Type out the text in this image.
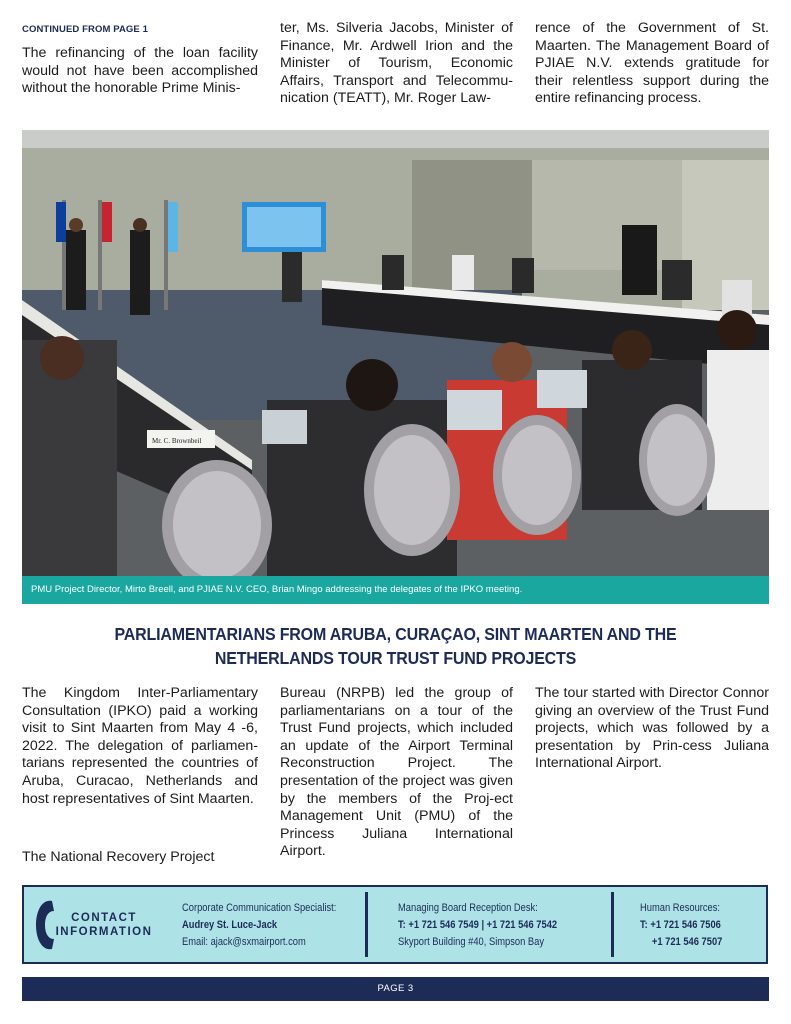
CONTINUED FROM PAGE 1

The refinancing of the loan facility would not have been accomplished without the honorable Prime Minis-

ter, Ms. Silveria Jacobs, Minister of Finance, Mr. Ardwell Irion and the Minister of Tourism, Economic Affairs, Transport and Telecommu-nication (TEATT), Mr. Roger Law-

rence of the Government of St. Maarten. The Management Board of PJIAE N.V. extends gratitude for their relentless support during the entire refinancing process.

Mr. C. Brownbeil
PMU Project Director, Mirto Breell, and PJIAE N.V. CEO, Brian Mingo addressing the delegates of the IPKO meeting.
PARLIAMENTARIANS FROM ARUBA, CURAÇAO, SINT MAARTEN AND THE
NETHERLANDS TOUR TRUST FUND PROJECTS

The Kingdom Inter-Parliamentary Consultation (IPKO) paid a working visit to Sint Maarten from May 4 -6, 2022. The delegation of parliamen-tarians represented the countries of Aruba, Curacao, Netherlands and host representatives of Sint Maarten.

The National Recovery Project

Bureau (NRPB) led the group of parliamentarians on a tour of the Trust Fund projects, which included an update of the Airport Terminal Reconstruction Project. The presentation of the project was given by the members of the Proj-ect Management Unit (PMU) of the Princess Juliana International Airport.

The tour started with Director Connor giving an overview of the Trust Fund projects, which was followed by a presentation by Prin-cess Juliana International Airport.

CONTACT
INFORMATION

Corporate Communication Specialist:
Audrey St. Luce-Jack
Email: ajack@sxmairport.com
Managing Board Reception Desk:
T: +1 721 546 7549 | +1 721 546 7542
Skyport Building #40, Simpson Bay
Human Resources:
T: +1 721 546 7506
+1 721 546 7507
PAGE 3
